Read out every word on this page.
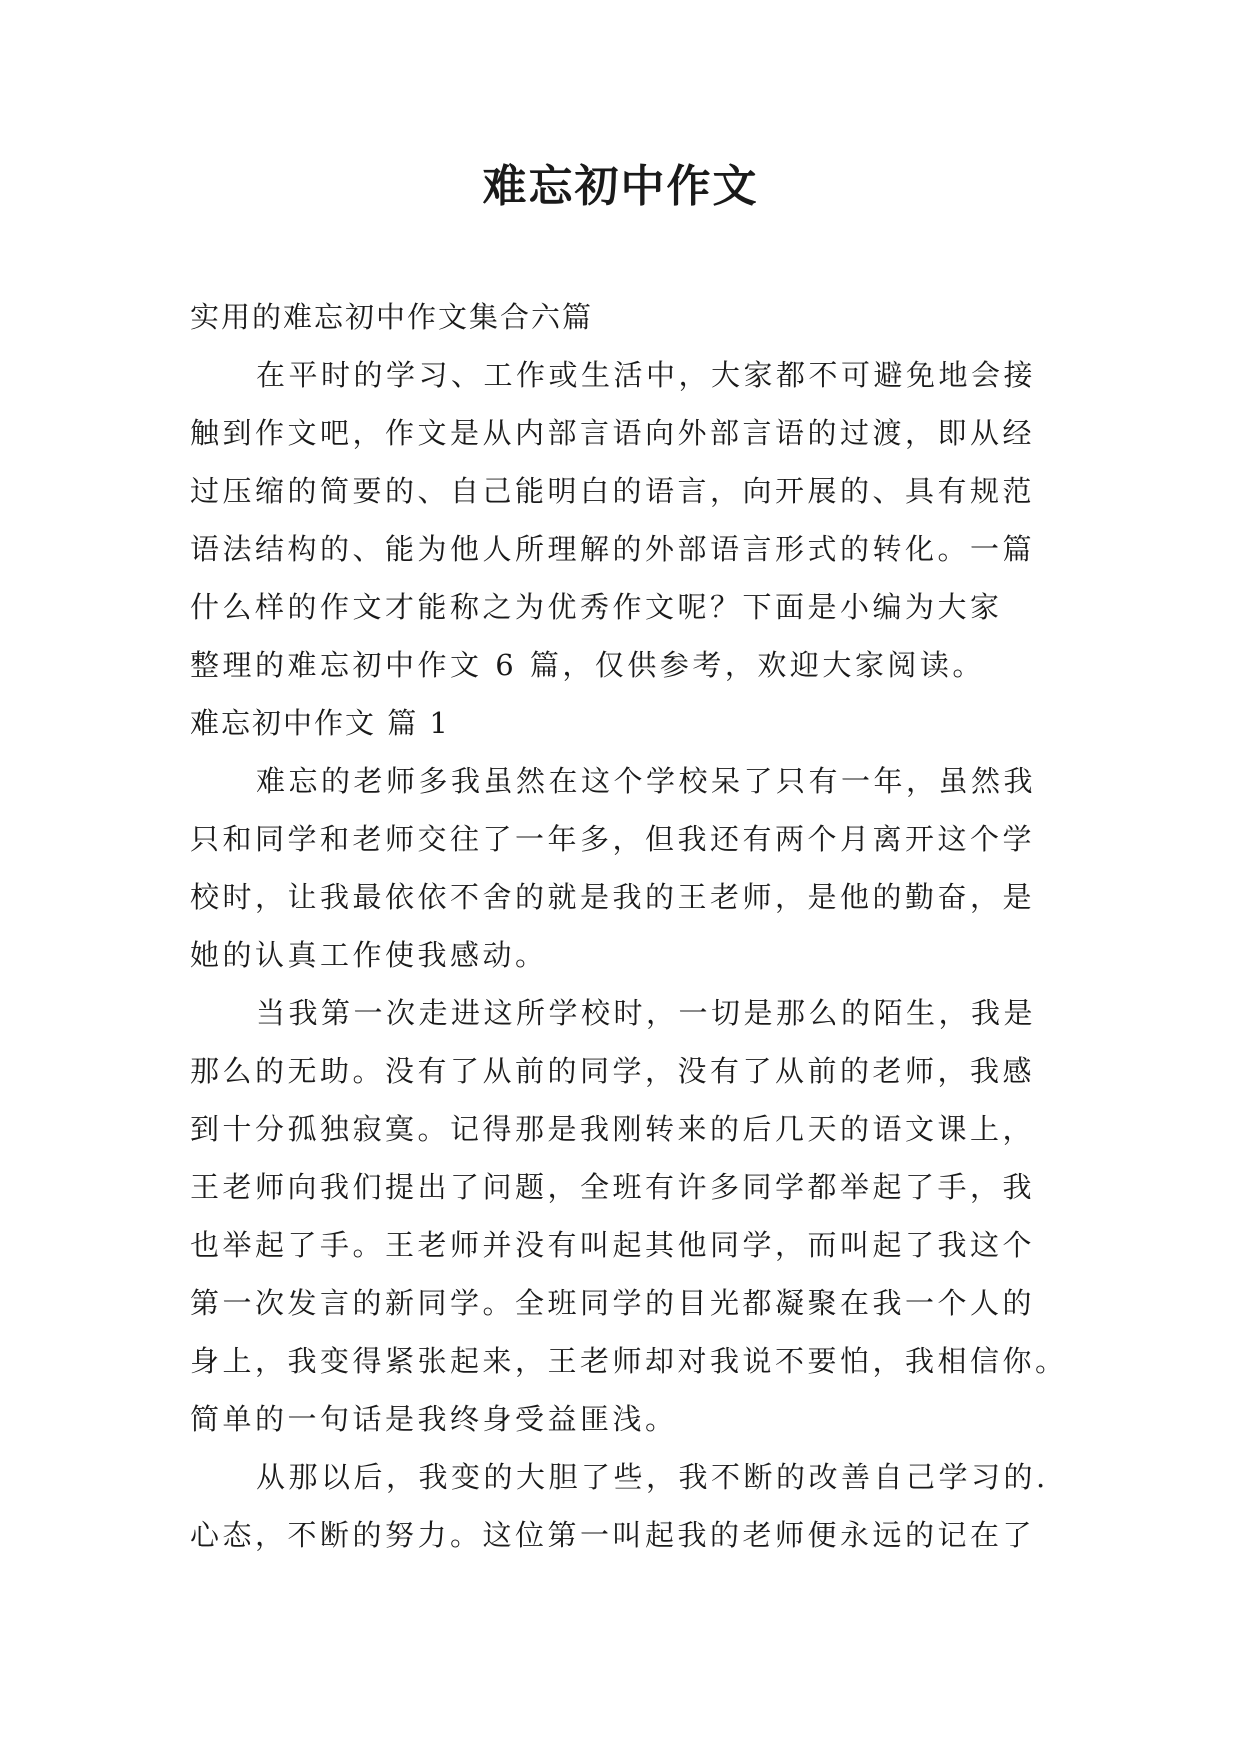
难忘初中作文
实用的难忘初中作文集合六篇
在平时的学习、工作或生活中，大家都不可避免地会接
触到作文吧，作文是从内部言语向外部言语的过渡，即从经
过压缩的简要的、自己能明白的语言，向开展的、具有规范
语法结构的、能为他人所理解的外部语言形式的转化。一篇
什么样的作文才能称之为优秀作文呢？下面是小编为大家
整理的难忘初中作文 6 篇，仅供参考，欢迎大家阅读。
难忘初中作文 篇 1
难忘的老师多我虽然在这个学校呆了只有一年，虽然我
只和同学和老师交往了一年多，但我还有两个月离开这个学
校时，让我最依依不舍的就是我的王老师，是他的勤奋，是
她的认真工作使我感动。
当我第一次走进这所学校时，一切是那么的陌生，我是
那么的无助。没有了从前的同学，没有了从前的老师，我感
到十分孤独寂寞。记得那是我刚转来的后几天的语文课上，
王老师向我们提出了问题，全班有许多同学都举起了手，我
也举起了手。王老师并没有叫起其他同学，而叫起了我这个
第一次发言的新同学。全班同学的目光都凝聚在我一个人的
身上，我变得紧张起来，王老师却对我说不要怕，我相信你。
简单的一句话是我终身受益匪浅。
从那以后，我变的大胆了些，我不断的改善自己学习的.
心态，不断的努力。这位第一叫起我的老师便永远的记在了
